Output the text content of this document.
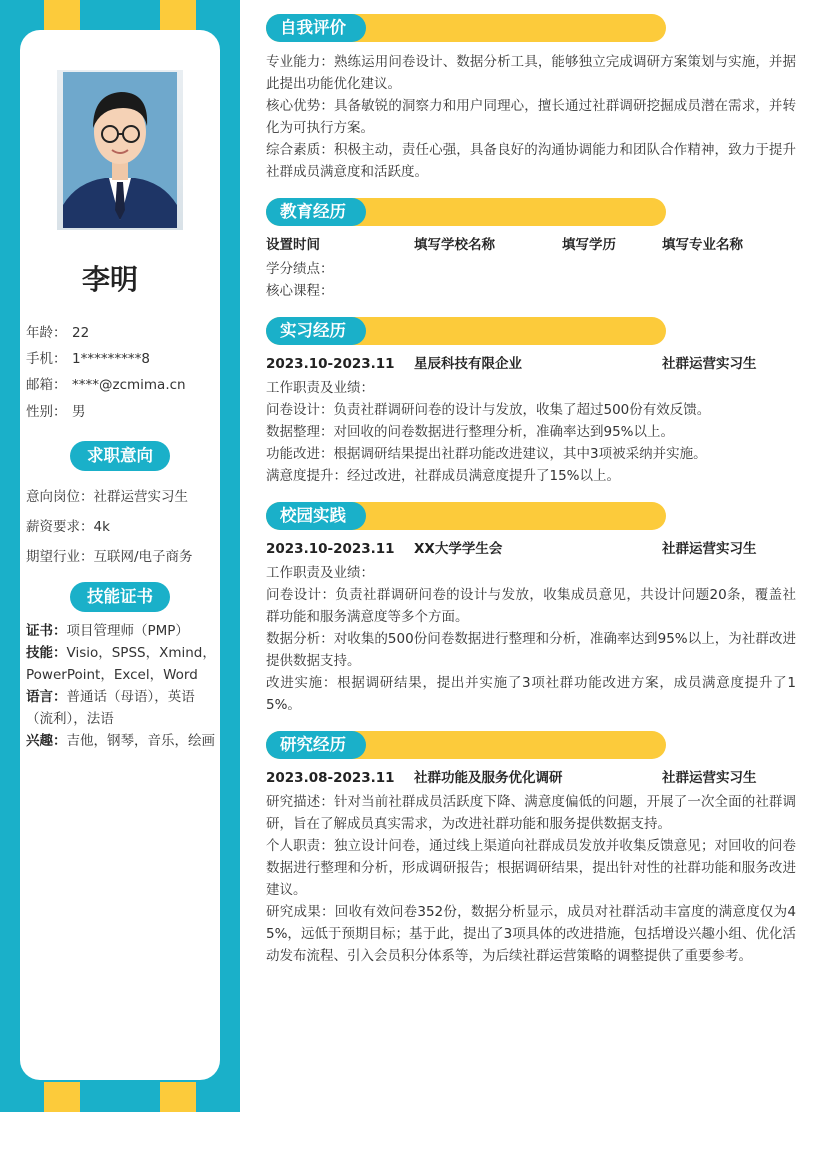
李明
年龄： 22
手机： 1*********8
邮箱： ****@zcmima.cn
性别： 男
求职意向
意向岗位：社群运营实习生
薪资要求：4k
期望行业：互联网/电子商务
技能证书

证书：项目管理师（PMP）

技能：Visio，SPSS，Xmind，PowerPoint，Excel，Word

语言：普通话（母语），英语（流利），法语

兴趣：吉他，钢琴，音乐，绘画

自我评价
专业能力：熟练运用问卷设计、数据分析工具，能够独立完成调研方案策划与实施，并据此提出功能优化建议。
核心优势：具备敏锐的洞察力和用户同理心，擅长通过社群调研挖掘成员潜在需求，并转化为可执行方案。
综合素质：积极主动，责任心强，具备良好的沟通协调能力和团队合作精神，致力于提升社群成员满意度和活跃度。
教育经历
设置时间	填写学校名称	填写学历	填写专业名称
学分绩点：
核心课程：
实习经历
2023.10-2023.11 星辰科技有限企业	社群运营实习生
工作职责及业绩：
问卷设计：负责社群调研问卷的设计与发放，收集了超过500份有效反馈。
数据整理：对回收的问卷数据进行整理分析，准确率达到95%以上。
功能改进：根据调研结果提出社群功能改进建议，其中3项被采纳并实施。
满意度提升：经过改进，社群成员满意度提升了15%以上。
校园实践
2023.10-2023.11 XX大学学生会	社群运营实习生
工作职责及业绩：
问卷设计：负责社群调研问卷的设计与发放，收集成员意见，共设计问题20条，覆盖社群功能和服务满意度等多个方面。
数据分析：对收集的500份问卷数据进行整理和分析，准确率达到95%以上，为社群改进提供数据支持。
改进实施：根据调研结果，提出并实施了3项社群功能改进方案，成员满意度提升了15%。
研究经历
2023.08-2023.11 社群功能及服务优化调研	社群运营实习生
研究描述：针对当前社群成员活跃度下降、满意度偏低的问题，开展了一次全面的社群调研，旨在了解成员真实需求，为改进社群功能和服务提供数据支持。
个人职责：独立设计问卷，通过线上渠道向社群成员发放并收集反馈意见；对回收的问卷数据进行整理和分析，形成调研报告；根据调研结果，提出针对性的社群功能和服务改进建议。
研究成果：回收有效问卷352份，数据分析显示，成员对社群活动丰富度的满意度仅为45%，远低于预期目标；基于此，提出了3项具体的改进措施，包括增设兴趣小组、优化活动发布流程、引入会员积分体系等，为后续社群运营策略的调整提供了重要参考。
